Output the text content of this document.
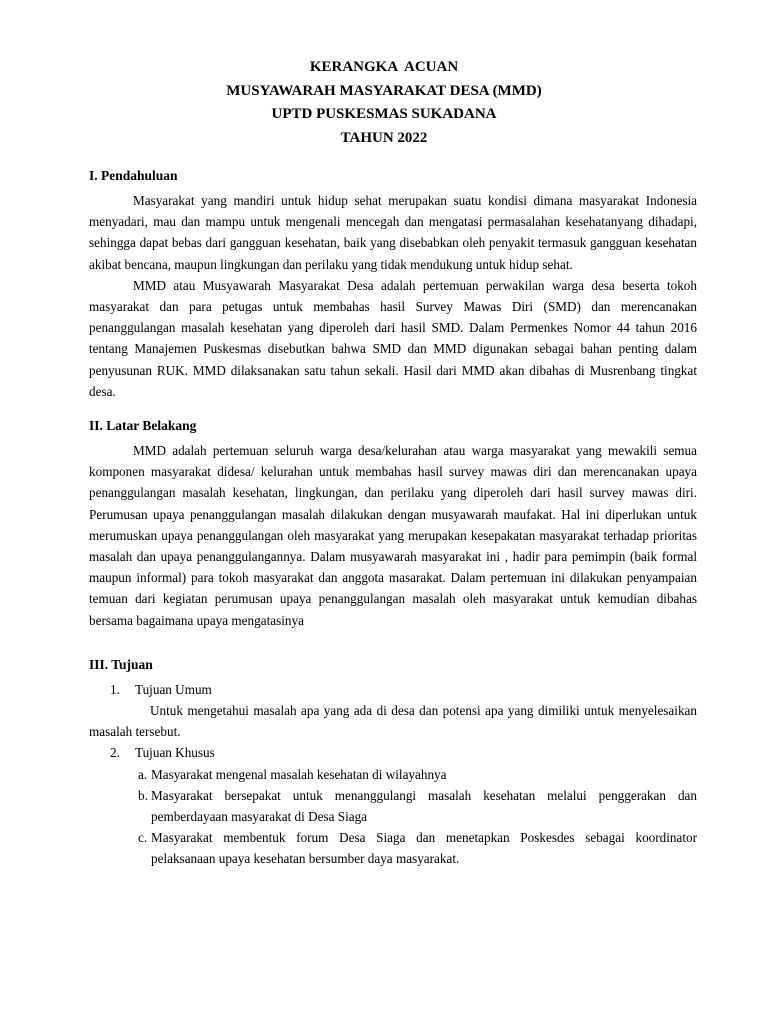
KERANGKA  ACUAN
MUSYAWARAH MASYARAKAT DESA (MMD)
UPTD PUSKESMAS SUKADANA
TAHUN 2022
I. Pendahuluan

Masyarakat yang mandiri untuk hidup sehat merupakan suatu kondisi dimana masyarakat Indonesia menyadari, mau dan mampu untuk mengenali mencegah dan mengatasi permasalahan kesehatanyang dihadapi, sehingga dapat bebas dari gangguan kesehatan, baik yang disebabkan oleh penyakit termasuk gangguan kesehatan akibat bencana, maupun lingkungan dan perilaku yang tidak mendukung untuk hidup sehat.

MMD atau Musyawarah Masyarakat Desa adalah pertemuan perwakilan warga desa beserta tokoh masyarakat dan para petugas untuk membahas hasil Survey Mawas Diri (SMD) dan merencanakan penanggulangan masalah kesehatan yang diperoleh dari hasil SMD. Dalam Permenkes Nomor 44 tahun 2016 tentang Manajemen Puskesmas disebutkan bahwa SMD dan MMD digunakan sebagai bahan penting dalam penyusunan RUK. MMD dilaksanakan satu tahun sekali. Hasil dari MMD akan dibahas di Musrenbang tingkat desa.

II. Latar Belakang

MMD adalah pertemuan seluruh warga desa/kelurahan atau warga masyarakat yang mewakili semua komponen masyarakat didesa/ kelurahan untuk membahas hasil survey mawas diri dan merencanakan upaya penanggulangan masalah kesehatan, lingkungan, dan perilaku yang diperoleh dari hasil survey mawas diri. Perumusan upaya penanggulangan masalah dilakukan dengan musyawarah maufakat. Hal ini diperlukan untuk merumuskan upaya penanggulangan oleh masyarakat yang merupakan kesepakatan masyarakat terhadap prioritas masalah dan upaya penanggulangannya. Dalam musyawarah masyarakat ini , hadir para pemimpin (baik formal maupun informal) para tokoh masyarakat dan anggota masarakat. Dalam pertemuan ini dilakukan penyampaian temuan dari kegiatan perumusan upaya penanggulangan masalah oleh masyarakat untuk kemudian dibahas bersama bagaimana upaya mengatasinya

III. Tujuan
1.	Tujuan Umum

Untuk mengetahui masalah apa yang ada di desa dan potensi apa yang dimiliki untuk menyelesaikan masalah tersebut.

2.	Tujuan Khusus
a. Masyarakat mengenal masalah kesehatan di wilayahnya
b. Masyarakat bersepakat untuk menanggulangi masalah kesehatan melalui penggerakan dan pemberdayaan masyarakat di Desa Siaga
c. Masyarakat membentuk forum Desa Siaga dan menetapkan Poskesdes sebagai koordinator pelaksanaan upaya kesehatan bersumber daya masyarakat.
